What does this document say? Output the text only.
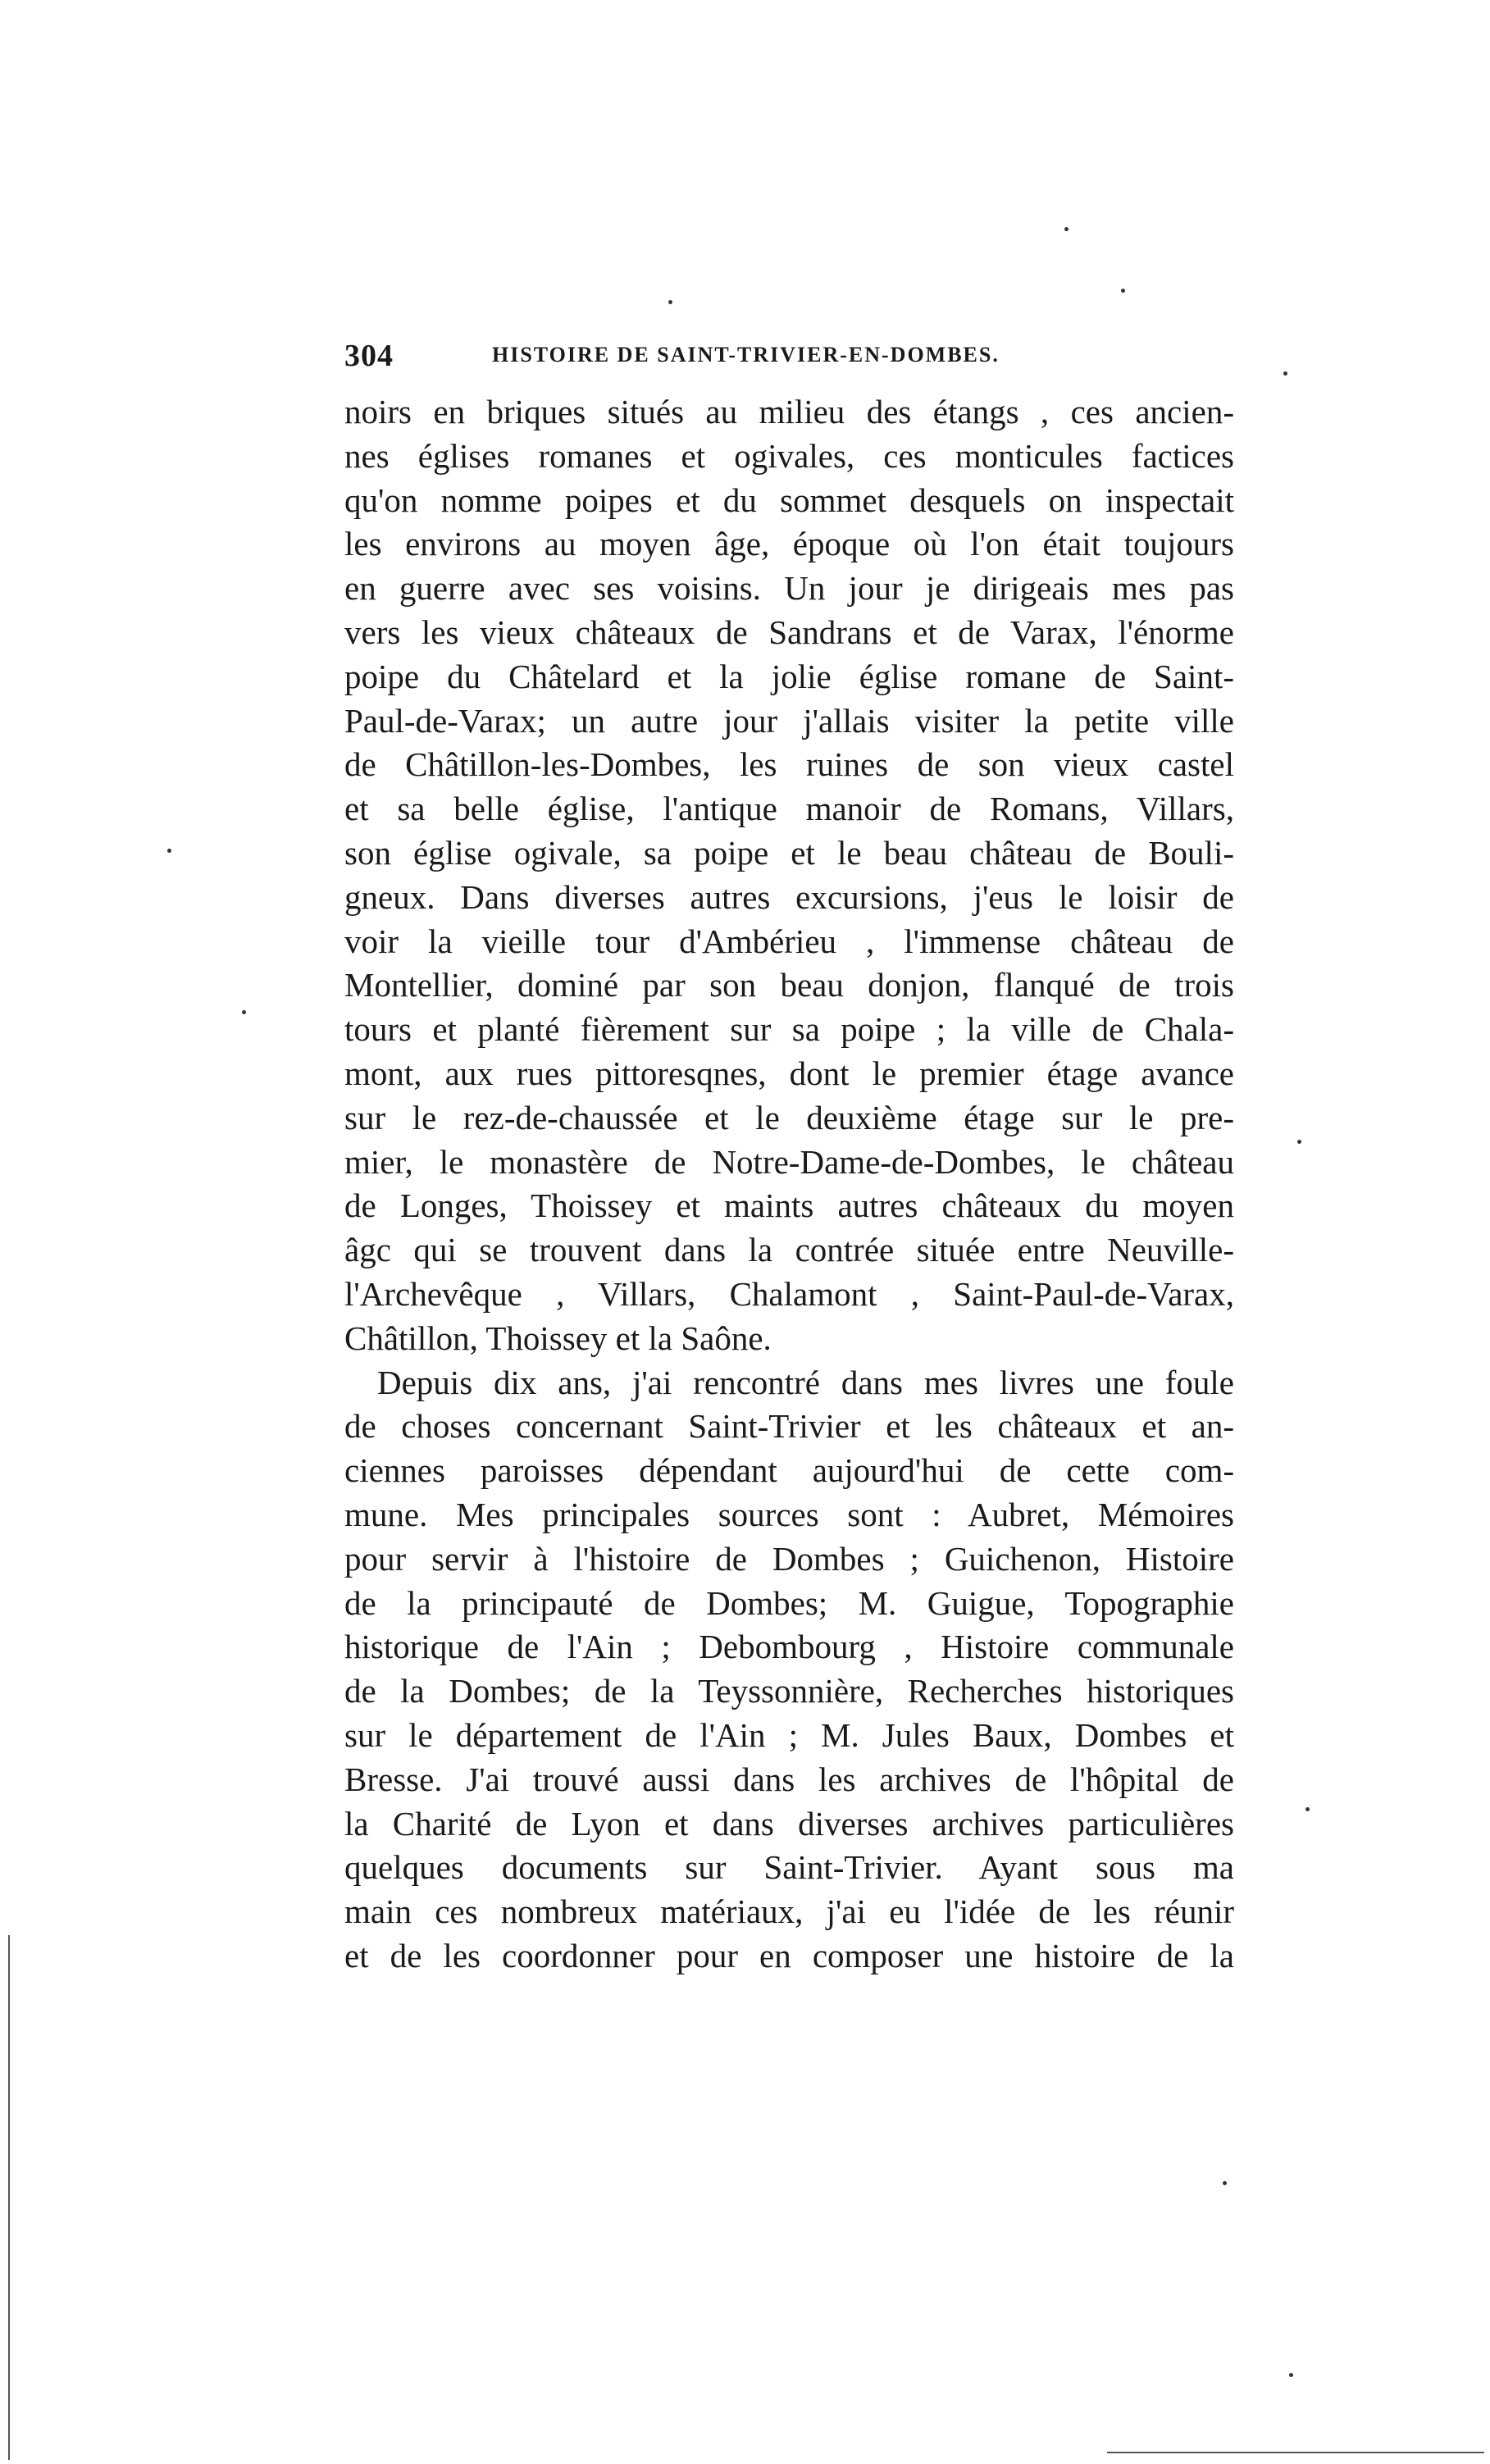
304	HISTOIRE DE SAINT-TRIVIER-EN-DOMBES.
noirs en briques situés au milieu des étangs , ces ancien-
nes églises romanes et ogivales, ces monticules factices
qu'on nomme poipes et du sommet desquels on inspectait
les environs au moyen âge, époque où l'on était toujours
en guerre avec ses voisins. Un jour je dirigeais mes pas
vers les vieux châteaux de Sandrans et de Varax, l'énorme
poipe du Châtelard et la jolie église romane de Saint-
Paul-de-Varax; un autre jour j'allais visiter la petite ville
de Châtillon-les-Dombes, les ruines de son vieux castel
et sa belle église, l'antique manoir de Romans, Villars,
son église ogivale, sa poipe et le beau château de Bouli-
gneux. Dans diverses autres excursions, j'eus le loisir de
voir la vieille tour d'Ambérieu , l'immense château de
Montellier, dominé par son beau donjon, flanqué de trois
tours et planté fièrement sur sa poipe ; la ville de Chala-
mont, aux rues pittoresqnes, dont le premier étage avance
sur le rez-de-chaussée et le deuxième étage sur le pre-
mier, le monastère de Notre-Dame-de-Dombes, le château
de Longes, Thoissey et maints autres châteaux du moyen
âgc qui se trouvent dans la contrée située entre Neuville-
l'Archevêque , Villars, Chalamont , Saint-Paul-de-Varax,
Châtillon, Thoissey et la Saône.
Depuis dix ans, j'ai rencontré dans mes livres une foule
de choses concernant Saint-Trivier et les châteaux et an-
ciennes paroisses dépendant aujourd'hui de cette com-
mune. Mes principales sources sont : Aubret, Mémoires
pour servir à l'histoire de Dombes ; Guichenon, Histoire
de la principauté de Dombes; M. Guigue, Topographie
historique de l'Ain ; Debombourg , Histoire communale
de la Dombes; de la Teyssonnière, Recherches historiques
sur le département de l'Ain ; M. Jules Baux, Dombes et
Bresse. J'ai trouvé aussi dans les archives de l'hôpital de
la Charité de Lyon et dans diverses archives particulières
quelques documents sur Saint-Trivier. Ayant sous ma
main ces nombreux matériaux, j'ai eu l'idée de les réunir
et de les coordonner pour en composer une histoire de la
